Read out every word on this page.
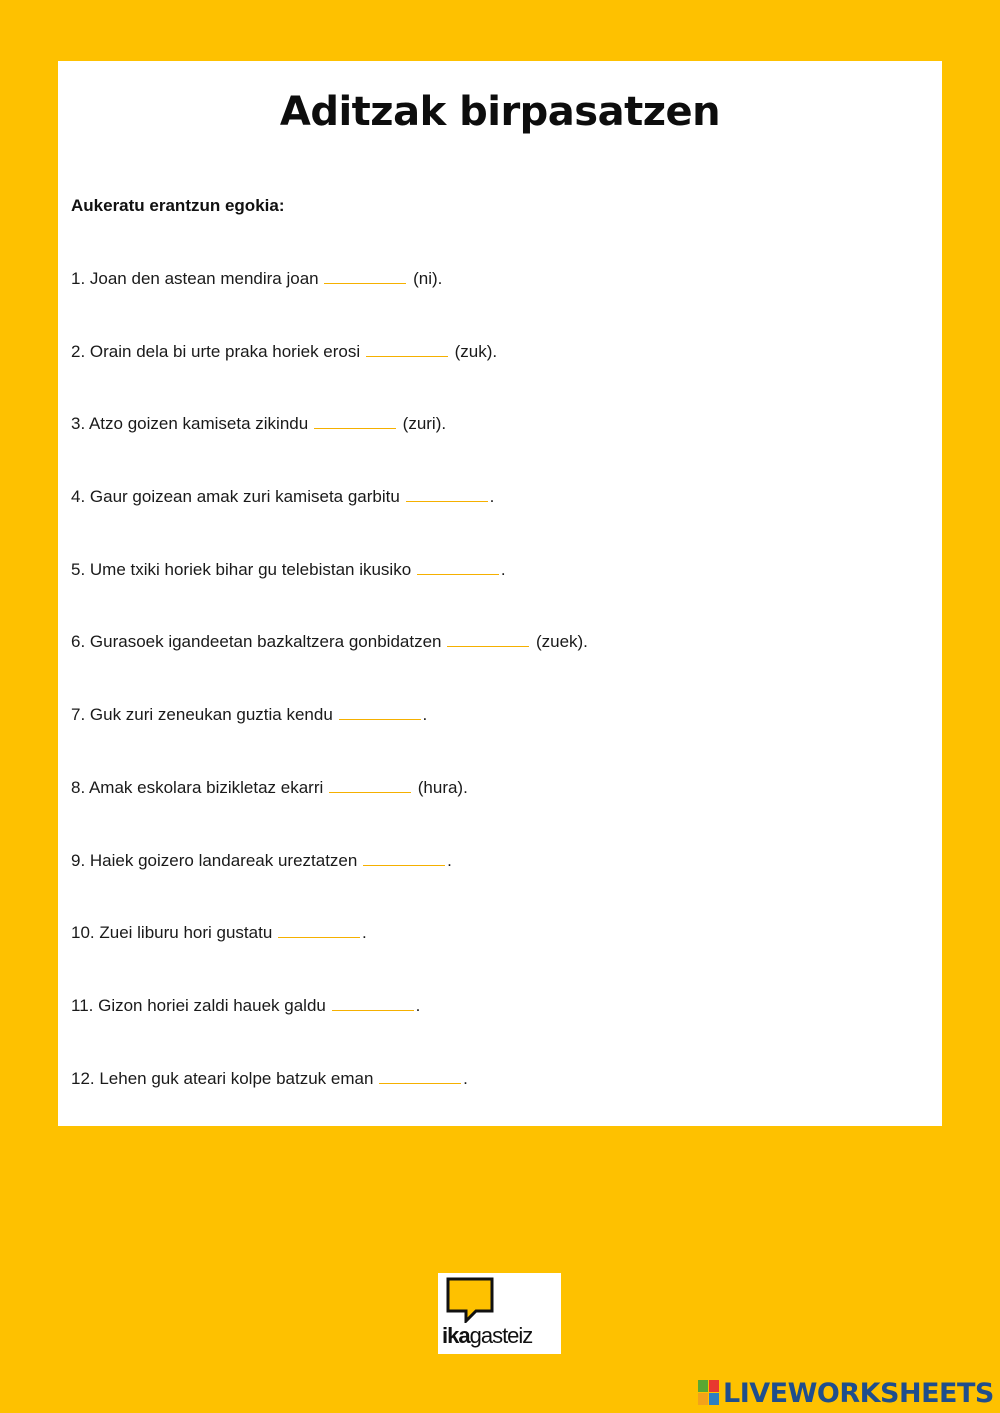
Aditzak birpasatzen
Aukeratu erantzun egokia:
1. Joan den astean mendira joan	(ni).
2. Orain dela bi urte praka horiek erosi	(zuk).
3. Atzo goizen kamiseta zikindu	(zuri).
4. Gaur goizean amak zuri kamiseta garbitu	.
5. Ume txiki horiek bihar gu telebistan ikusiko	.
6. Gurasoek igandeetan bazkaltzera gonbidatzen	(zuek).
7. Guk zuri zeneukan guztia kendu	.
8. Amak eskolara bizikletaz ekarri	(hura).
9. Haiek goizero landareak ureztatzen	.
10. Zuei liburu hori gustatu	.
11. Gizon horiei zaldi hauek galdu	.
12. Lehen guk ateari kolpe batzuk eman	.
ikagasteiz
LIVEWORKSHEETS
